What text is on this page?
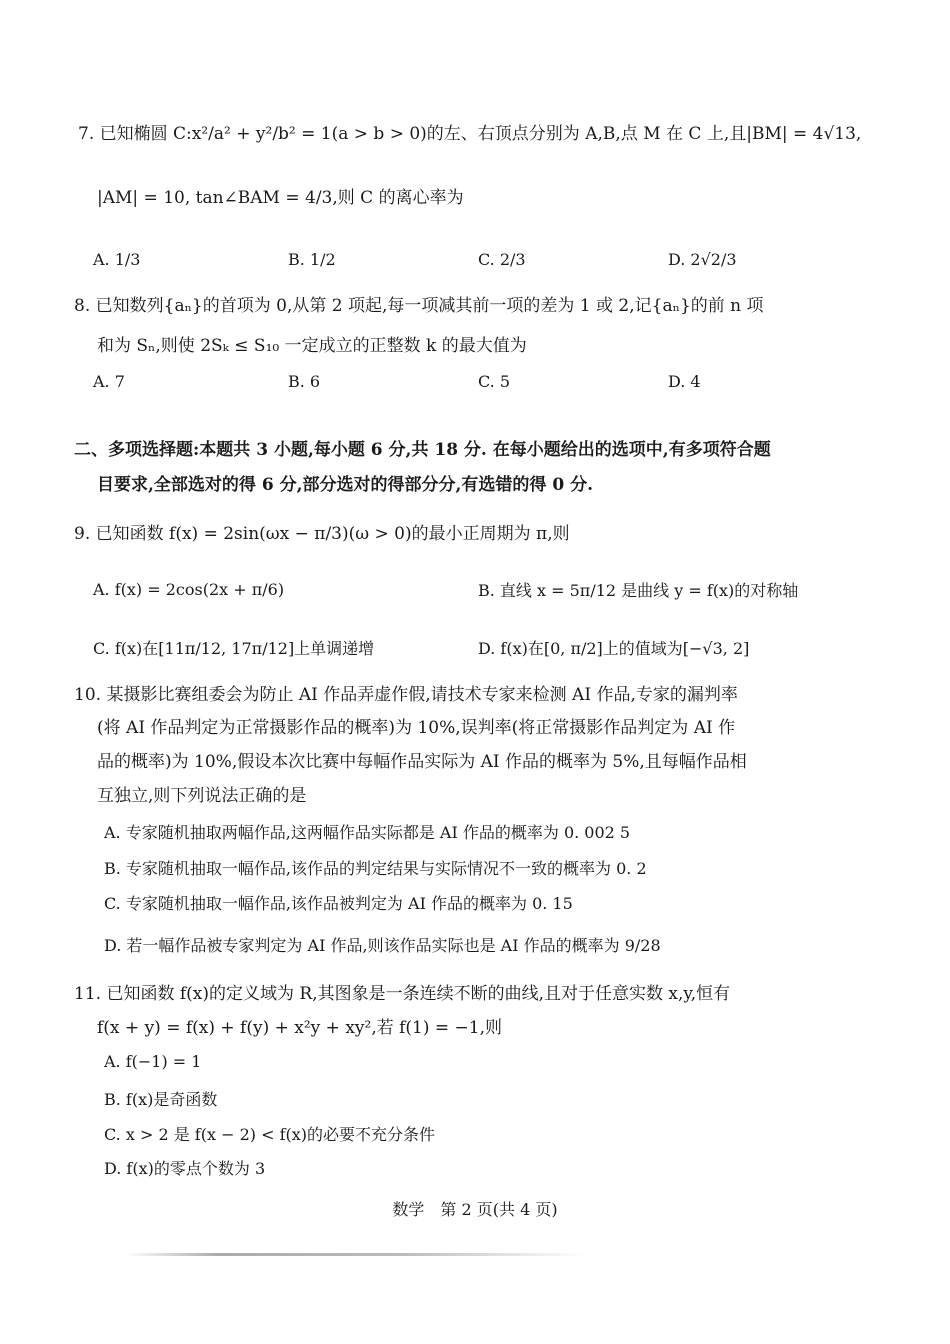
7. 已知椭圆 C:x²/a² + y²/b² = 1(a > b > 0)的左、右顶点分别为 A,B,点 M 在 C 上,且|BM| = 4√13,
|AM| = 10, tan∠BAM = 4/3,则 C 的离心率为
A. 1/3	B. 1/2	C. 2/3	D. 2√2/3
8. 已知数列{aₙ}的首项为 0,从第 2 项起,每一项减其前一项的差为 1 或 2,记{aₙ}的前 n 项
和为 Sₙ,则使 2Sₖ ≤ S₁₀ 一定成立的正整数 k 的最大值为
A. 7	B. 6	C. 5	D. 4
二、多项选择题:本题共 3 小题,每小题 6 分,共 18 分. 在每小题给出的选项中,有多项符合题
目要求,全部选对的得 6 分,部分选对的得部分分,有选错的得 0 分.
9. 已知函数 f(x) = 2sin(ωx − π/3)(ω > 0)的最小正周期为 π,则
A. f(x) = 2cos(2x + π/6)	B. 直线 x = 5π/12 是曲线 y = f(x)的对称轴
C. f(x)在[11π/12, 17π/12]上单调递增	D. f(x)在[0, π/2]上的值域为[−√3, 2]
10. 某摄影比赛组委会为防止 AI 作品弄虚作假,请技术专家来检测 AI 作品,专家的漏判率
(将 AI 作品判定为正常摄影作品的概率)为 10%,误判率(将正常摄影作品判定为 AI 作
品的概率)为 10%,假设本次比赛中每幅作品实际为 AI 作品的概率为 5%,且每幅作品相
互独立,则下列说法正确的是
A. 专家随机抽取两幅作品,这两幅作品实际都是 AI 作品的概率为 0. 002 5
B. 专家随机抽取一幅作品,该作品的判定结果与实际情况不一致的概率为 0. 2
C. 专家随机抽取一幅作品,该作品被判定为 AI 作品的概率为 0. 15
D. 若一幅作品被专家判定为 AI 作品,则该作品实际也是 AI 作品的概率为 9/28
11. 已知函数 f(x)的定义域为 R,其图象是一条连续不断的曲线,且对于任意实数 x,y,恒有
f(x + y) = f(x) + f(y) + x²y + xy²,若 f(1) = −1,则
A. f(−1) = 1
B. f(x)是奇函数
C. x > 2 是 f(x − 2) < f(x)的必要不充分条件
D. f(x)的零点个数为 3
数学　第 2 页(共 4 页)
